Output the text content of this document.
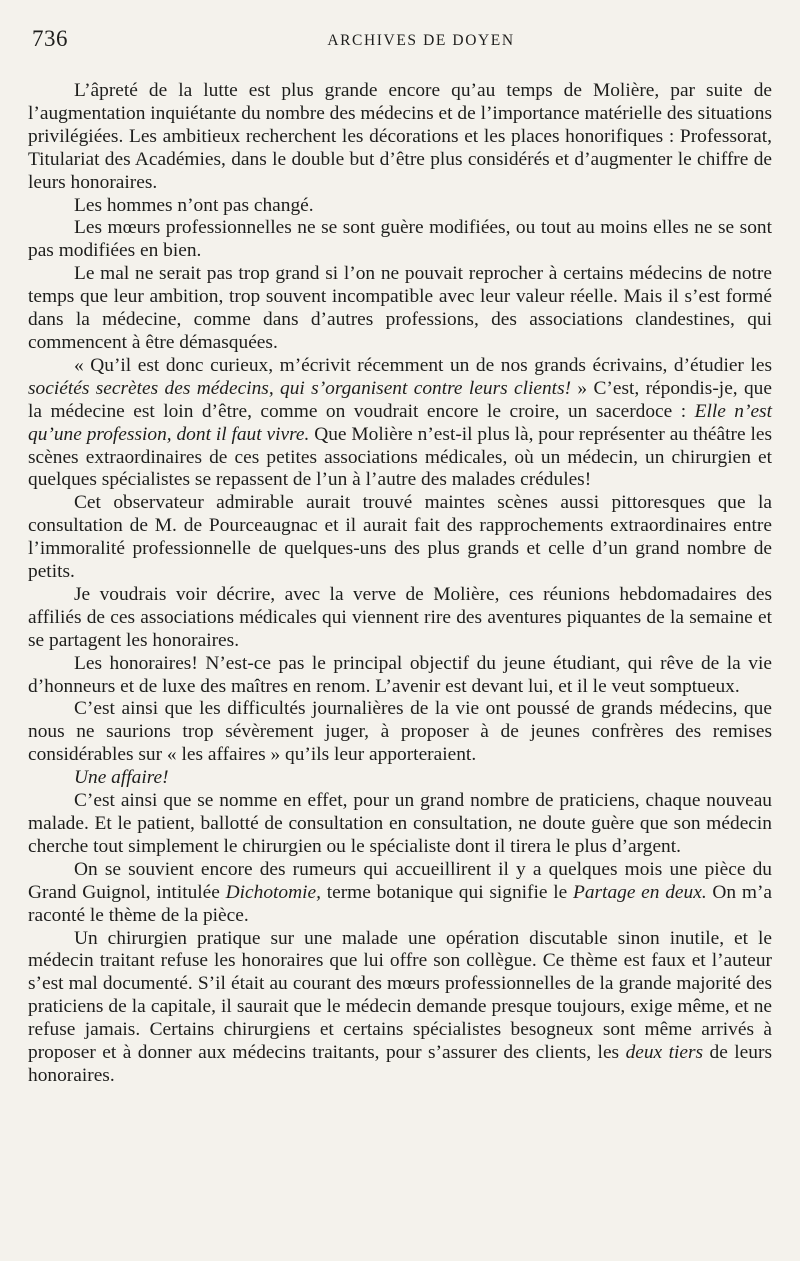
736	ARCHIVES DE DOYEN

L’âpreté de la lutte est plus grande encore qu’au temps de Molière, par suite de l’augmentation inquiétante du nombre des médecins et de l’importance matérielle des situations privilégiées. Les ambitieux recherchent les décorations et les places honorifiques : Professorat, Titulariat des Académies, dans le double but d’être plus considérés et d’augmenter le chiffre de leurs honoraires.

Les hommes n’ont pas changé.

Les mœurs professionnelles ne se sont guère modifiées, ou tout au moins elles ne se sont pas modifiées en bien.

Le mal ne serait pas trop grand si l’on ne pouvait reprocher à certains médecins de notre temps que leur ambition, trop souvent incompatible avec leur valeur réelle. Mais il s’est formé dans la médecine, comme dans d’autres professions, des associations clandestines, qui commencent à être démasquées.

« Qu’il est donc curieux, m’écrivit récemment un de nos grands écrivains, d’étudier les sociétés secrètes des médecins, qui s’organisent contre leurs clients! » C’est, répondis-je, que la médecine est loin d’être, comme on voudrait encore le croire, un sacerdoce : Elle n’est qu’une profession, dont il faut vivre. Que Molière n’est-il plus là, pour représenter au théâtre les scènes extraordinaires de ces petites associations médicales, où un médecin, un chirurgien et quelques spécialistes se repassent de l’un à l’autre des malades crédules!

Cet observateur admirable aurait trouvé maintes scènes aussi pittoresques que la consultation de M. de Pourceaugnac et il aurait fait des rapprochements extraordinaires entre l’immoralité professionnelle de quelques-uns des plus grands et celle d’un grand nombre de petits.

Je voudrais voir décrire, avec la verve de Molière, ces réunions hebdomadaires des affiliés de ces associations médicales qui viennent rire des aventures piquantes de la semaine et se partagent les honoraires.

Les honoraires! N’est-ce pas le principal objectif du jeune étudiant, qui rêve de la vie d’honneurs et de luxe des maîtres en renom. L’avenir est devant lui, et il le veut somptueux.

C’est ainsi que les difficultés journalières de la vie ont poussé de grands médecins, que nous ne saurions trop sévèrement juger, à proposer à de jeunes confrères des remises considérables sur « les affaires » qu’ils leur apporteraient.

Une affaire!

C’est ainsi que se nomme en effet, pour un grand nombre de praticiens, chaque nouveau malade. Et le patient, ballotté de consultation en consultation, ne doute guère que son médecin cherche tout simplement le chirurgien ou le spécialiste dont il tirera le plus d’argent.

On se souvient encore des rumeurs qui accueillirent il y a quelques mois une pièce du Grand Guignol, intitulée Dichotomie, terme botanique qui signifie le Partage en deux. On m’a raconté le thème de la pièce.

Un chirurgien pratique sur une malade une opération discutable sinon inutile, et le médecin traitant refuse les honoraires que lui offre son collègue. Ce thème est faux et l’auteur s’est mal documenté. S’il était au courant des mœurs professionnelles de la grande majorité des praticiens de la capitale, il saurait que le médecin demande presque toujours, exige même, et ne refuse jamais. Certains chirurgiens et certains spécialistes besogneux sont même arrivés à proposer et à donner aux médecins traitants, pour s’assurer des clients, les deux tiers de leurs honoraires.
